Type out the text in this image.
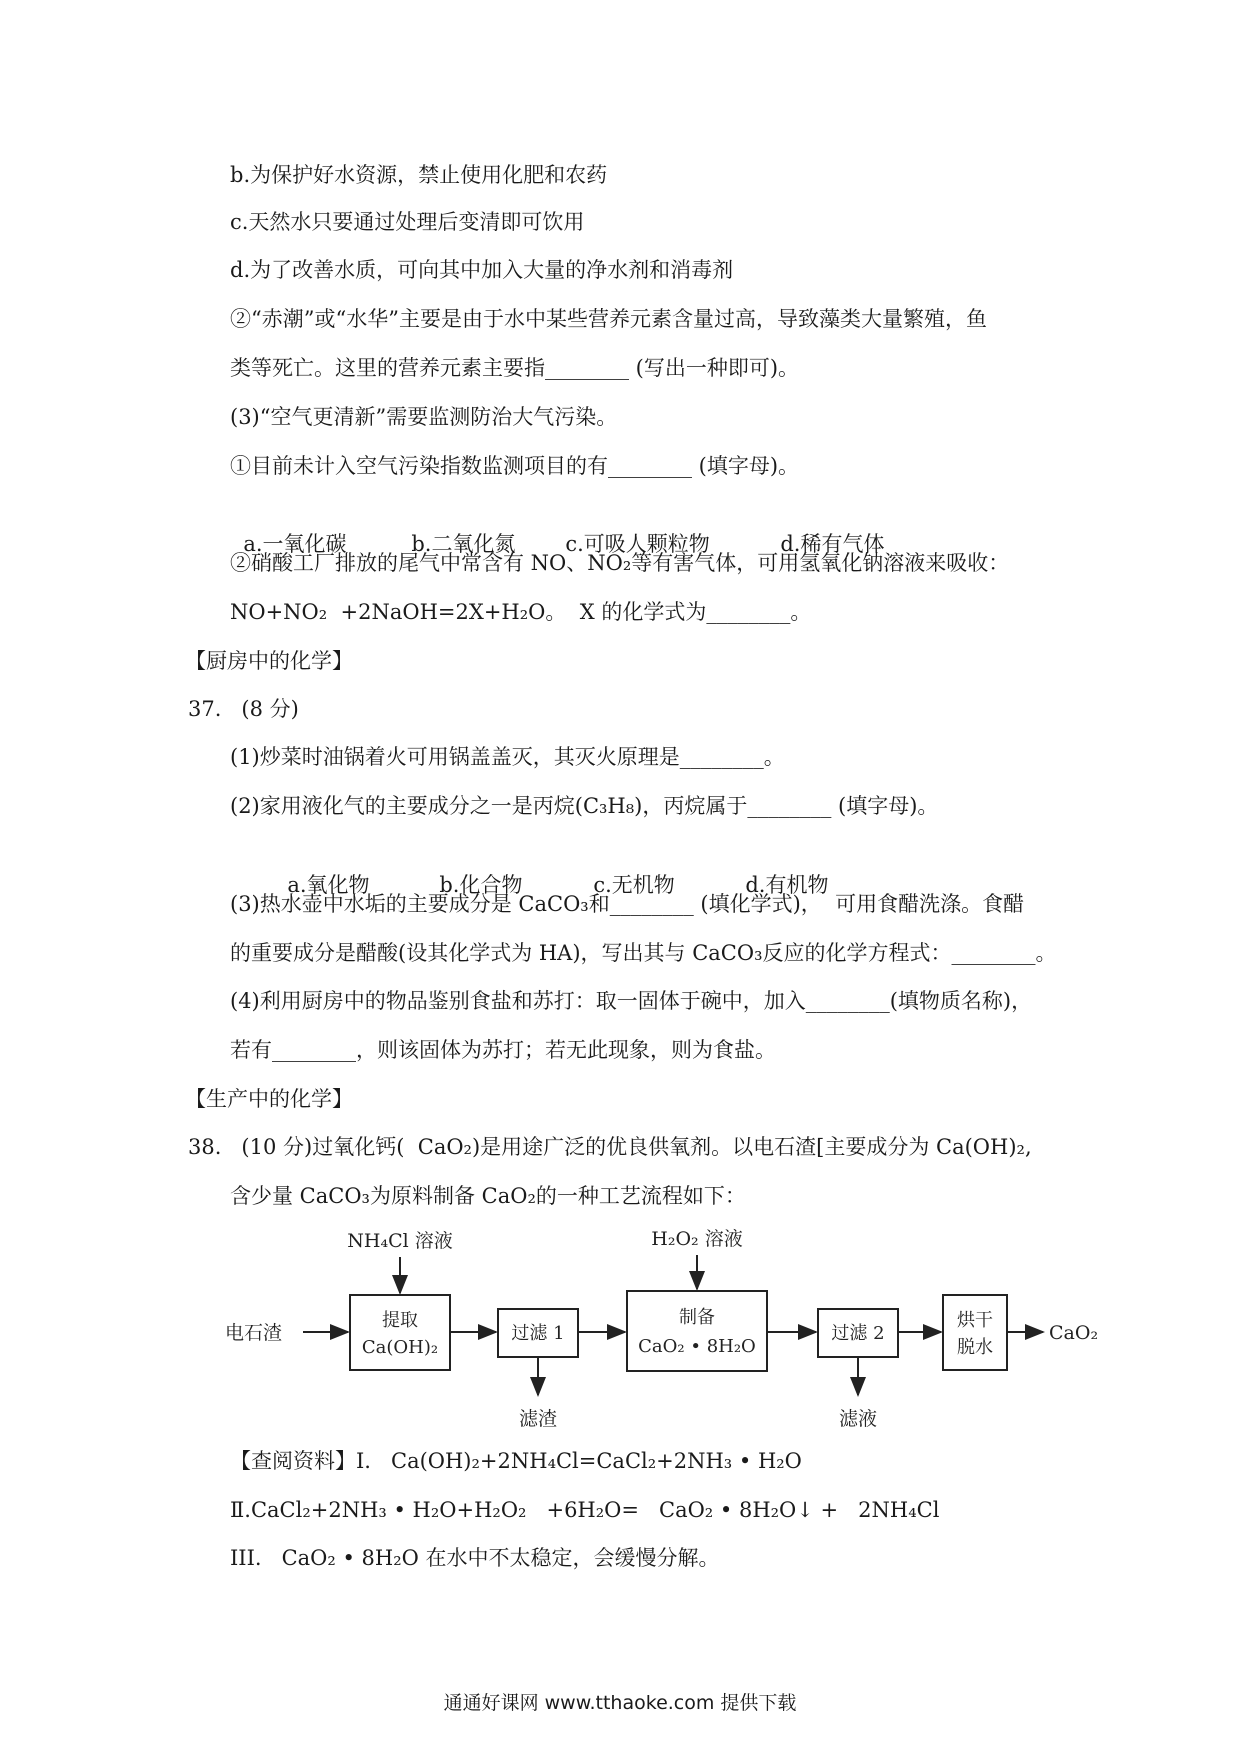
b.为保护好水资源，禁止使用化肥和农药
c.天然水只要通过处理后变清即可饮用
d.为了改善水质，可向其中加入大量的净水剂和消毒剂
②“赤潮”或“水华”主要是由于水中某些营养元素含量过高，导致藻类大量繁殖，鱼
类等死亡。这里的营养元素主要指________ (写出一种即可)。
(3)“空气更清新”需要监测防治大气污染。
①目前未计入空气污染指数监测项目的有________ (填字母)。

a.一氧化碳	b.二氧化氮 c.可吸人颗粒物	d.稀有气体

②硝酸工厂排放的尾气中常含有 NO、NO₂等有害气体，可用氢氧化钠溶液来吸收：
NO+NO₂  +2NaOH=2X+H₂O。  X 的化学式为________。
【厨房中的化学】
37.   (8 分)
(1)炒菜时油锅着火可用锅盖盖灭，其灭火原理是________。
(2)家用液化气的主要成分之一是丙烷(C₃H₈)，丙烷属于________ (填字母)。

a.氧化物	b.化合物	c.无机物	d.有机物

(3)热水壶中水垢的主要成分是 CaCO₃和________ (填化学式)，  可用食醋洗涤。食醋
的重要成分是醋酸(设其化学式为 HA)，写出其与 CaCO₃反应的化学方程式：________。
(4)利用厨房中的物品鉴别食盐和苏打：取一固体于碗中，加入________(填物质名称)，
若有________，则该固体为苏打；若无此现象，则为食盐。
【生产中的化学】
38.   (10 分)过氧化钙(  CaO₂)是用途广泛的优良供氧剂。以电石渣[主要成分为 Ca(OH)₂,
含少量 CaCO₃为原料制备 CaO₂的一种工艺流程如下：
NH₄Cl 溶液	H₂O₂ 溶液
电石渣
提取
Ca(OH)₂
过滤 1
制备
CaO₂ • 8H₂O
过滤 2
烘干
脱水
CaO₂
滤渣	滤液
【查阅资料】I.   Ca(OH)₂+2NH₄Cl=CaCl₂+2NH₃ • H₂O
Ⅱ.CaCl₂+2NH₃ • H₂O+H₂O₂   +6H₂O=   CaO₂ • 8H₂O↓ +   2NH₄Cl
III.   CaO₂ • 8H₂O 在水中不太稳定，会缓慢分解。
通通好课网 www.tthaoke.com 提供下载
